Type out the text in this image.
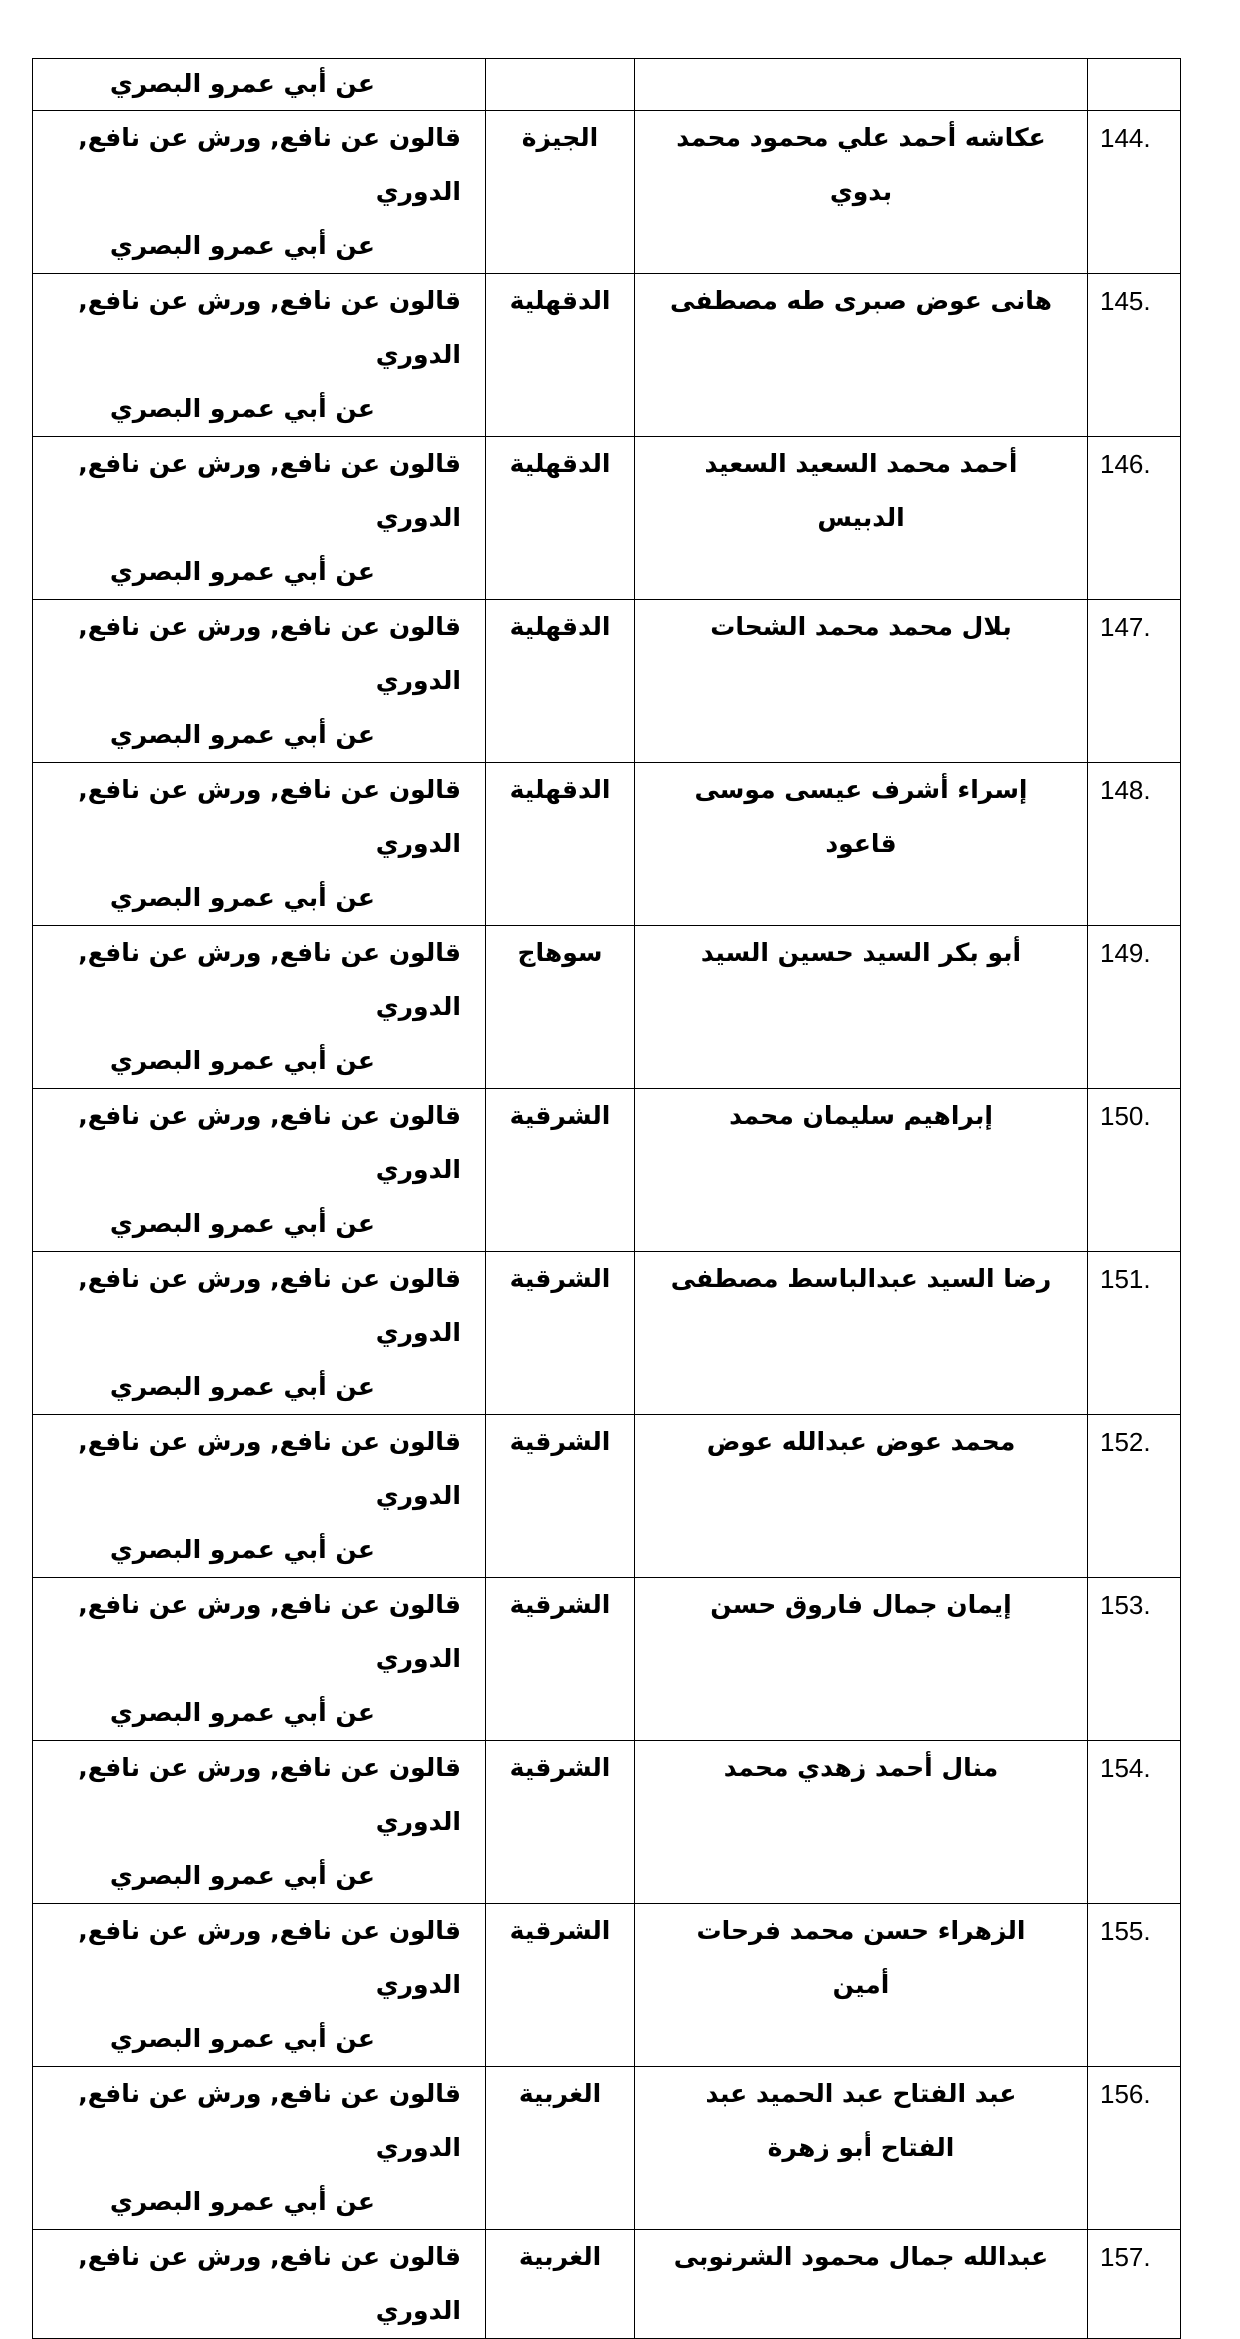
			عن أبي عمرو البصري

144.	عكاشه أحمد علي محمود محمد بدوي	الجيزة	قالون عن نافع, ورش عن نافع, الدوري
عن أبي عمرو البصري

145.	هانى عوض صبرى طه مصطفى	الدقهلية	قالون عن نافع, ورش عن نافع, الدوري
عن أبي عمرو البصري

146.	أحمد محمد السعيد السعيد الدبيس	الدقهلية	قالون عن نافع, ورش عن نافع, الدوري
عن أبي عمرو البصري

147.	بلال محمد محمد الشحات	الدقهلية	قالون عن نافع, ورش عن نافع, الدوري
عن أبي عمرو البصري

148.	إسراء أشرف عيسى موسى قاعود	الدقهلية	قالون عن نافع, ورش عن نافع, الدوري
عن أبي عمرو البصري

149.	أبو بكر السيد حسين السيد	سوهاج	قالون عن نافع, ورش عن نافع, الدوري
عن أبي عمرو البصري

150.	إبراهيم سليمان محمد	الشرقية	قالون عن نافع, ورش عن نافع, الدوري
عن أبي عمرو البصري

151.	رضا السيد عبدالباسط مصطفى	الشرقية	قالون عن نافع, ورش عن نافع, الدوري
عن أبي عمرو البصري

152.	محمد عوض عبدالله عوض	الشرقية	قالون عن نافع, ورش عن نافع, الدوري
عن أبي عمرو البصري

153.	إيمان جمال فاروق حسن	الشرقية	قالون عن نافع, ورش عن نافع, الدوري
عن أبي عمرو البصري

154.	منال أحمد زهدي محمد	الشرقية	قالون عن نافع, ورش عن نافع, الدوري
عن أبي عمرو البصري

155.	الزهراء حسن محمد فرحات أمين	الشرقية	قالون عن نافع, ورش عن نافع, الدوري
عن أبي عمرو البصري

156.	عبد الفتاح عبد الحميد عبد الفتاح أبو زهرة	الغربية	قالون عن نافع, ورش عن نافع, الدوري
عن أبي عمرو البصري

157.	عبدالله جمال محمود الشرنوبى	الغربية	قالون عن نافع, ورش عن نافع, الدوري
